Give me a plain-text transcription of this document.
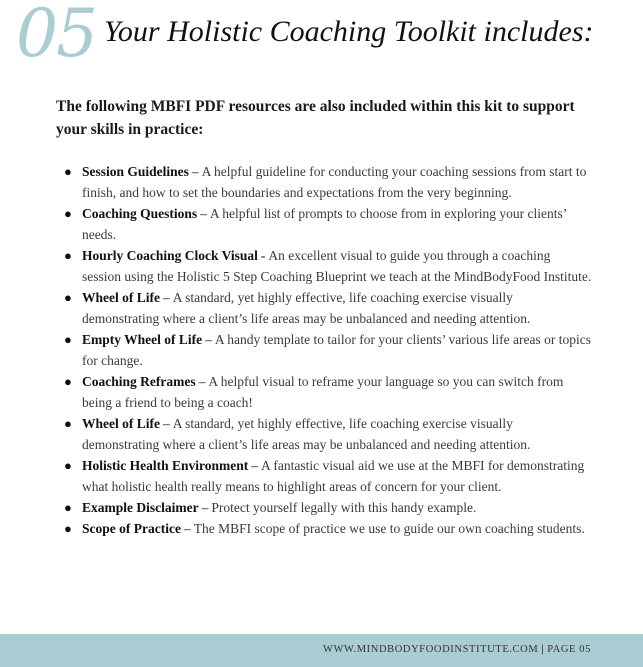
05 Your Holistic Coaching Toolkit includes:
The following MBFI PDF resources are also included within this kit to support your skills in practice:
● Session Guidelines – A helpful guideline for conducting your coaching sessions from start to finish, and how to set the boundaries and expectations from the very beginning.
● Coaching Questions – A helpful list of prompts to choose from in exploring your clients’ needs.
● Hourly Coaching Clock Visual - An excellent visual to guide you through a coaching session using the Holistic 5 Step Coaching Blueprint we teach at the MindBodyFood Institute.
● Wheel of Life – A standard, yet highly effective, life coaching exercise visually demonstrating where a client’s life areas may be unbalanced and needing attention.
● Empty Wheel of Life – A handy template to tailor for your clients’ various life areas or topics for change.
● Coaching Reframes – A helpful visual to reframe your language so you can switch from being a friend to being a coach!
● Wheel of Life – A standard, yet highly effective, life coaching exercise visually demonstrating where a client’s life areas may be unbalanced and needing attention.
● Holistic Health Environment – A fantastic visual aid we use at the MBFI for demonstrating what holistic health really means to highlight areas of concern for your client.
● Example Disclaimer – Protect yourself legally with this handy example.
● Scope of Practice – The MBFI scope of practice we use to guide our own coaching students.
WWW.MINDBODYFOODINSTITUTE.COM | PAGE 05
